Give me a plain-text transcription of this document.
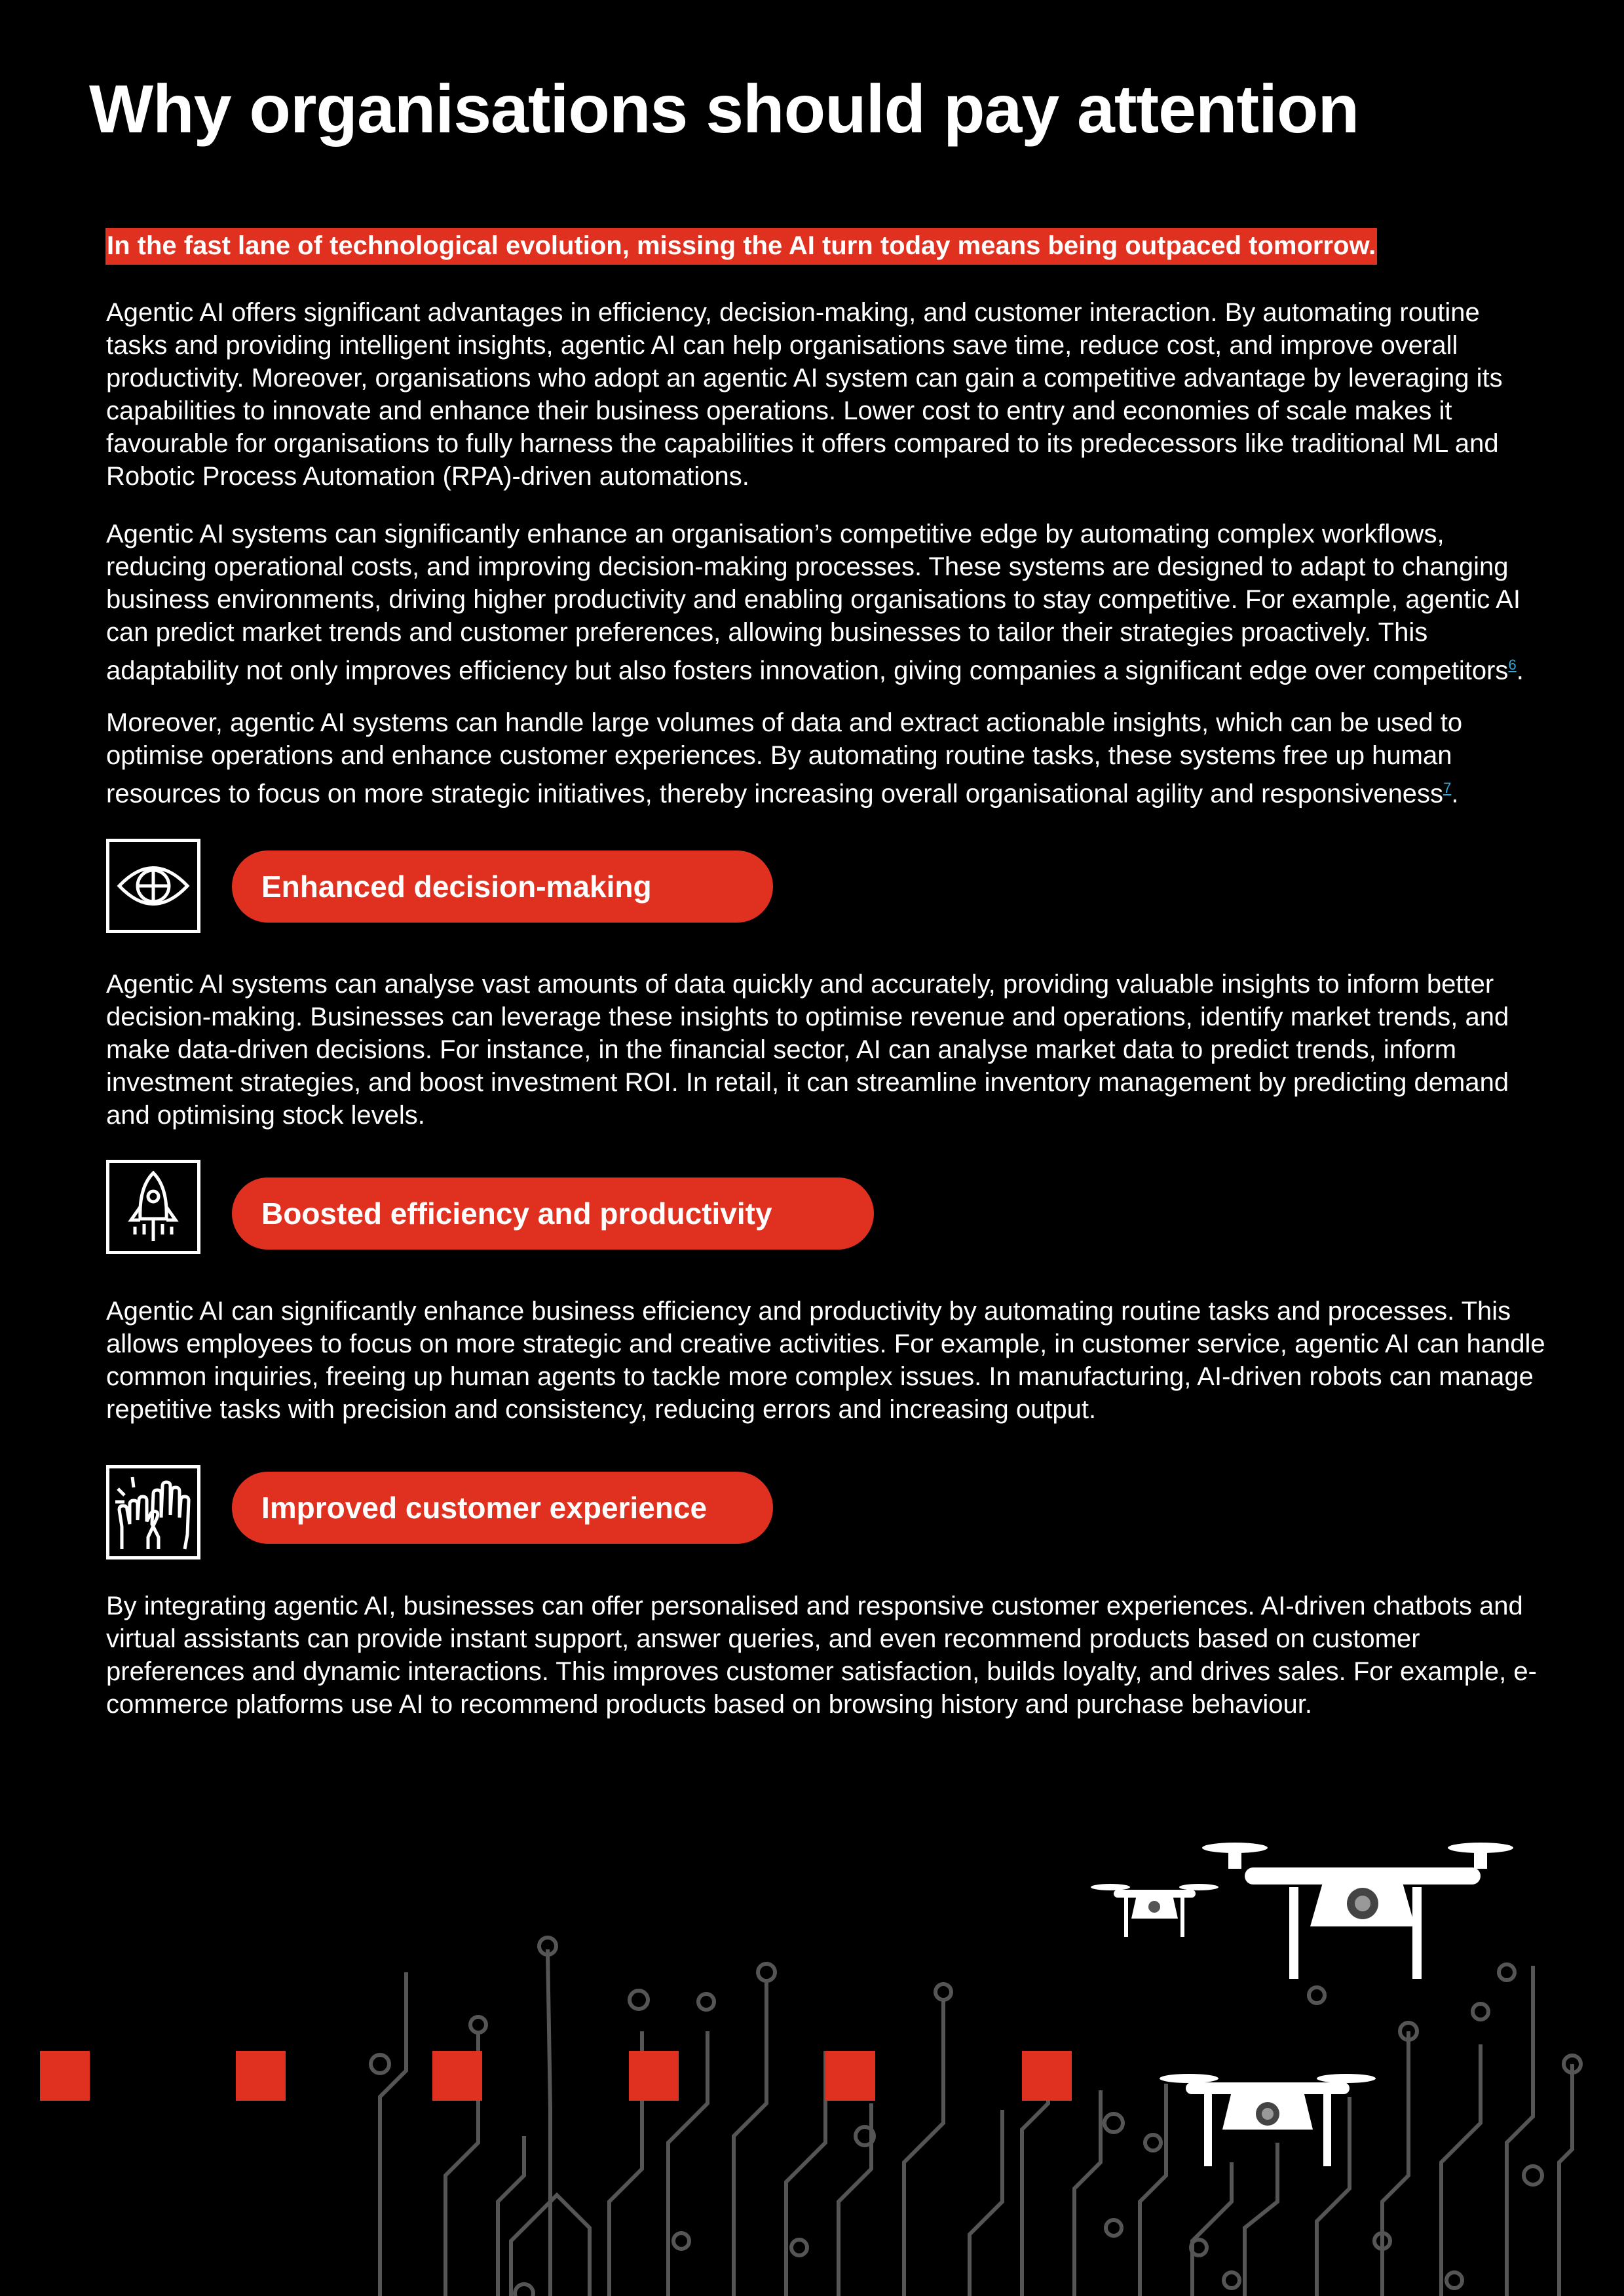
Why organisations should pay attention
In the fast lane of technological evolution, missing the AI turn today means being outpaced tomorrow.

Agentic AI offers significant advantages in efficiency, decision-making, and customer interaction. By automating routine tasks and providing intelligent insights, agentic AI can help organisations save time, reduce cost, and improve overall productivity. Moreover, organisations who adopt an agentic AI system can gain a competitive advantage by leveraging its capabilities to innovate and enhance their business operations. Lower cost to entry and economies of scale makes it favourable for organisations to fully harness the capabilities it offers compared to its predecessors like traditional ML and Robotic Process Automation (RPA)-driven automations.

Agentic AI systems can significantly enhance an organisation’s competitive edge by automating complex workflows, reducing operational costs, and improving decision-making processes. These systems are designed to adapt to changing business environments, driving higher productivity and enabling organisations to stay competitive. For example, agentic AI can predict market trends and customer preferences, allowing businesses to tailor their strategies proactively. This adaptability not only improves efficiency but also fosters innovation, giving companies a significant edge over competitors$^6$.

Moreover, agentic AI systems can handle large volumes of data and extract actionable insights, which can be used to optimise operations and enhance customer experiences. By automating routine tasks, these systems free up human resources to focus on more strategic initiatives, thereby increasing overall organisational agility and responsiveness$^7$.

Enhanced decision-making

Agentic AI systems can analyse vast amounts of data quickly and accurately, providing valuable insights to inform better decision-making. Businesses can leverage these insights to optimise revenue and operations, identify market trends, and make data-driven decisions. For instance, in the financial sector, AI can analyse market data to predict trends, inform investment strategies, and boost investment ROI. In retail, it can streamline inventory management by predicting demand and optimising stock levels.

Boosted efficiency and productivity

Agentic AI can significantly enhance business efficiency and productivity by automating routine tasks and processes. This allows employees to focus on more strategic and creative activities. For example, in customer service, agentic AI can handle common inquiries, freeing up human agents to tackle more complex issues. In manufacturing, AI-driven robots can manage repetitive tasks with precision and consistency, reducing errors and increasing output.

Improved customer experience

By integrating agentic AI, businesses can offer personalised and responsive customer experiences. AI-driven chatbots and virtual assistants can provide instant support, answer queries, and even recommend products based on customer preferences and dynamic interactions. This improves customer satisfaction, builds loyalty, and drives sales. For example, e-commerce platforms use AI to recommend products based on browsing history and purchase behaviour.
